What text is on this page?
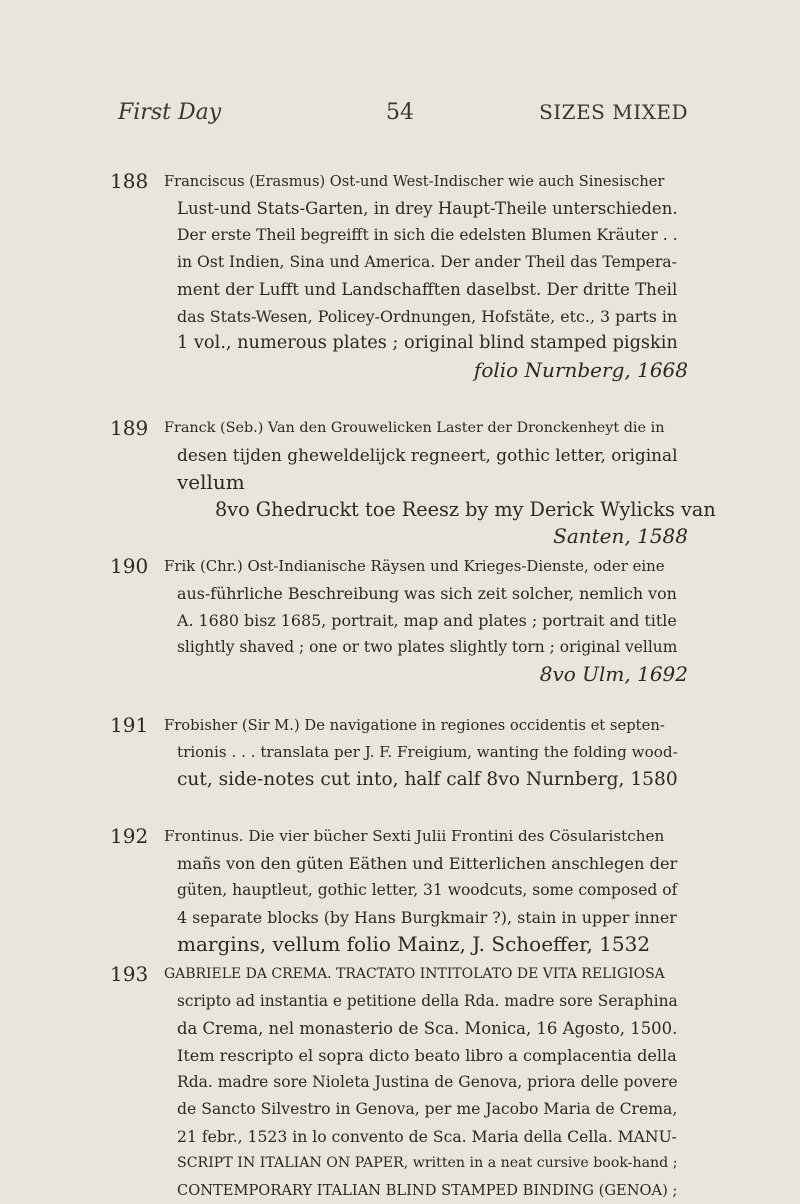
First Day	54	SIZES MIXED
188 Franciscus (Erasmus) Ost-und West-Indischer wie auch Sinesischer
Lust-und Stats-Garten, in drey Haupt-Theile unterschieden.
Der erste Theil begreifft in sich die edelsten Blumen Kräuter . .
in Ost Indien, Sina und America. Der ander Theil das Tempera-
ment der Lufft und Landschafften daselbst. Der dritte Theil
das Stats-Wesen, Policey-Ordnungen, Hofstäte, etc., 3 parts in
1 vol., numerous plates ; original blind stamped pigskin
folio Nurnberg, 1668
189 Franck (Seb.) Van den Grouwelicken Laster der Dronckenheyt die in
desen tijden gheweldelijck regneert, gothic letter, original
vellum
8vo Ghedruckt toe Reesz by my Derick Wylicks van
Santen, 1588
190 Frik (Chr.) Ost-Indianische Räysen und Krieges-Dienste, oder eine
aus-führliche Beschreibung was sich zeit solcher, nemlich von
A. 1680 bisz 1685, portrait, map and plates ; portrait and title
slightly shaved ; one or two plates slightly torn ; original vellum
8vo Ulm, 1692
191 Frobisher (Sir M.) De navigatione in regiones occidentis et septen-
trionis . . . translata per J. F. Freigium, wanting the folding wood-
cut, side-notes cut into, half calf 8vo Nurnberg, 1580
192 Frontinus. Die vier bücher Sexti Julii Frontini des Cösularistchen
mañs von den güten Eäthen und Eitterlichen anschlegen der
güten, hauptleut, gothic letter, 31 woodcuts, some composed of
4 separate blocks (by Hans Burgkmair ?), stain in upper inner
margins, vellum folio Mainz, J. Schoeffer, 1532
193 GABRIELE DA CREMA. TRACTATO INTITOLATO DE VITA RELIGIOSA
scripto ad instantia e petitione della Rda. madre sore Seraphina
da Crema, nel monasterio de Sca. Monica, 16 Agosto, 1500.
Item rescripto el sopra dicto beato libro a complacentia della
Rda. madre sore Nioleta Justina de Genova, priora delle povere
de Sancto Silvestro in Genova, per me Jacobo Maria de Crema,
21 febr., 1523 in lo convento de Sca. Maria della Cella. MANU-
SCRIPT IN ITALIAN ON PAPER, written in a neat cursive book-hand ;
CONTEMPORARY ITALIAN BLIND STAMPED BINDING (GENOA) ;
